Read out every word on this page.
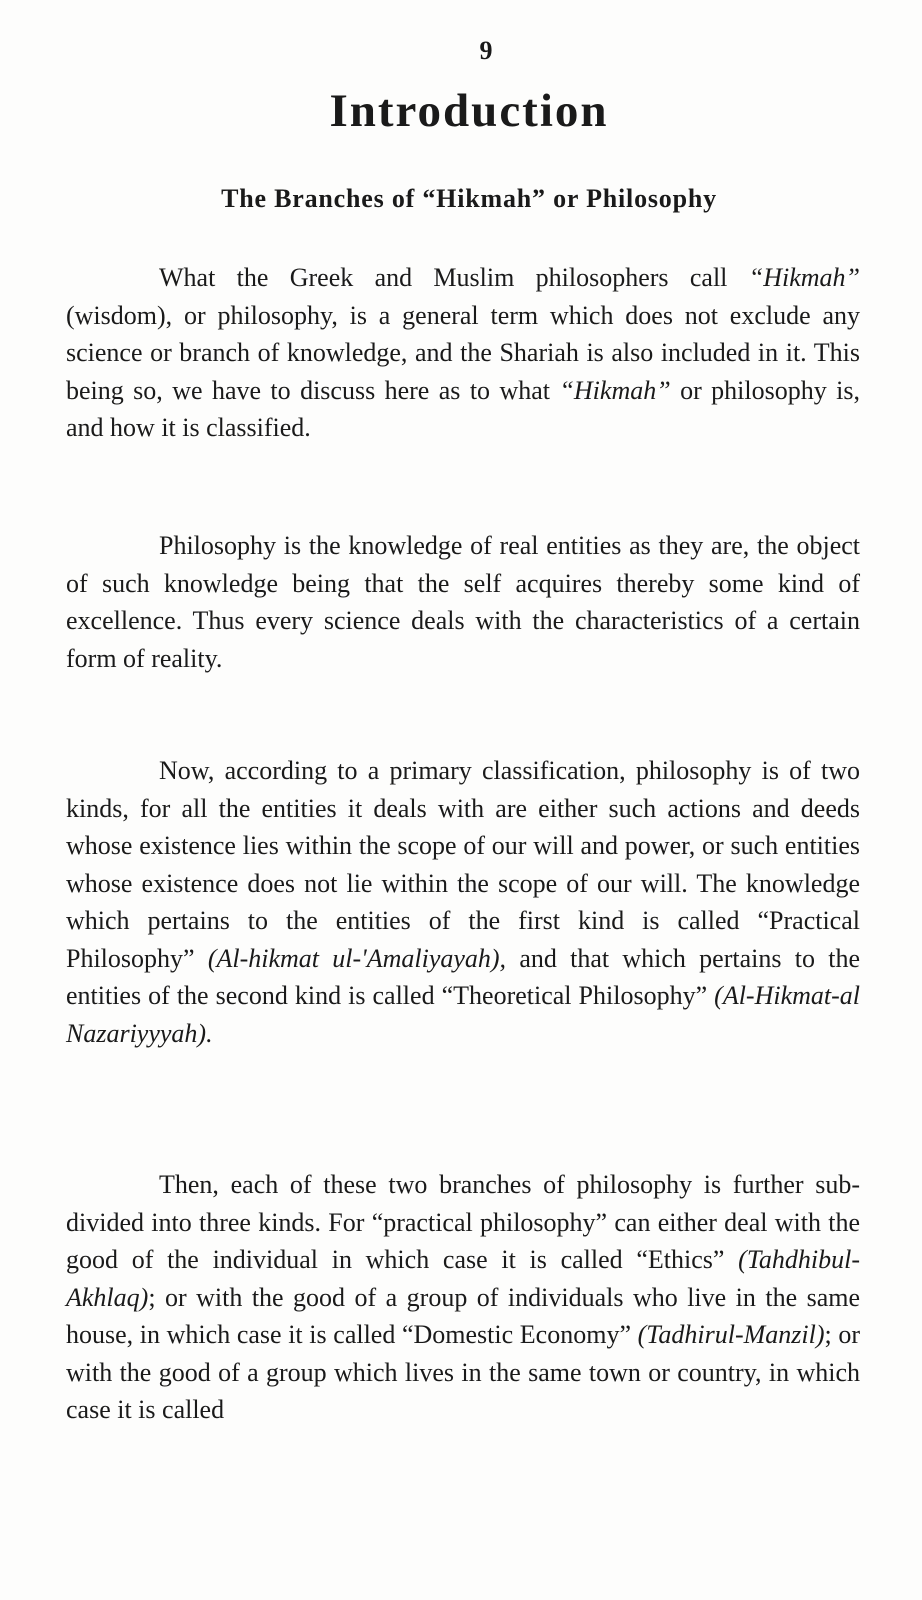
9
Introduction
The Branches of “Hikmah” or Philosophy

What the Greek and Muslim philosophers call “Hikmah” (wisdom), or philosophy, is a general term which does not exclude any science or branch of knowledge, and the Shariah is also included in it. This being so, we have to discuss here as to what “Hikmah” or philosophy is, and how it is classified.

Philosophy is the knowledge of real entities as they are, the object of such knowledge being that the self acquires thereby some kind of excellence. Thus every science deals with the characteristics of a certain form of reality.

Now, according to a primary classification, philosophy is of two kinds, for all the entities it deals with are either such actions and deeds whose existence lies within the scope of our will and power, or such entities whose existence does not lie within the scope of our will. The knowledge which pertains to the entities of the first kind is called “Practical Philosophy” (Al-hikmat ul-'Amaliyayah), and that which pertains to the entities of the second kind is called “Theoretical Philosophy” (Al-Hikmat-al Nazariyyyah).

Then, each of these two branches of philosophy is further sub-divided into three kinds. For “practical philosophy” can either deal with the good of the individual in which case it is called “Ethics” (Tahdhibul-Akhlaq); or with the good of a group of individuals who live in the same house, in which case it is called “Domestic Economy” (Tadhirul-Manzil); or with the good of a group which lives in the same town or country, in which case it is called
